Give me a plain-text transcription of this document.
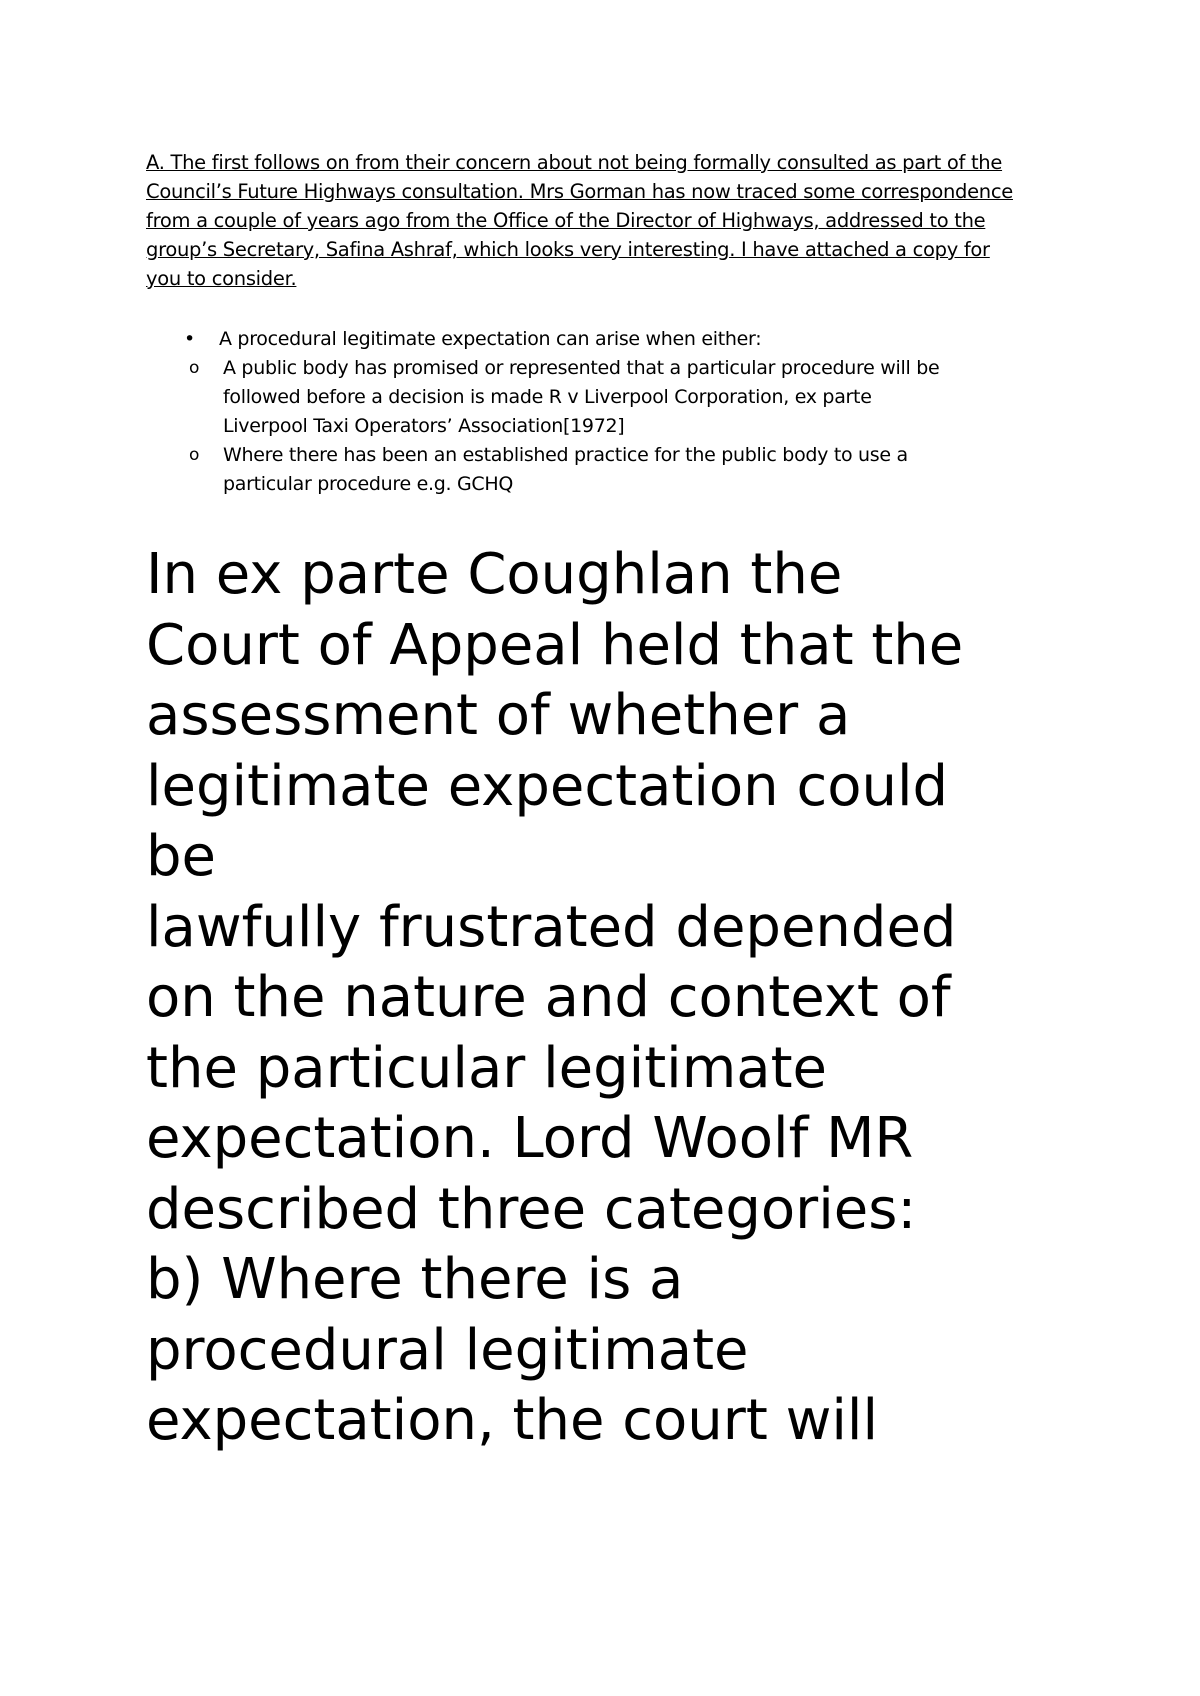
A. The first follows on from their concern about not being formally consulted as part of the
Council’s Future Highways consultation. Mrs Gorman has now traced some correspondence
from a couple of years ago from the Office of the Director of Highways, addressed to the
group’s Secretary, Safina Ashraf, which looks very interesting. I have attached a copy for
you to consider.

• A procedural legitimate expectation can arise when either:
o A public body has promised or represented that a particular procedure will be
followed before a decision is made R v Liverpool Corporation, ex parte
Liverpool Taxi Operators’ Association[1972]
o Where there has been an established practice for the public body to use a
particular procedure e.g. GCHQ

In ex parte Coughlan the
Court of Appeal held that the
assessment of whether a
legitimate expectation could
be
lawfully frustrated depended
on the nature and context of
the particular legitimate
expectation. Lord Woolf MR
described three categories:
b) Where there is a
procedural legitimate
expectation, the court will
